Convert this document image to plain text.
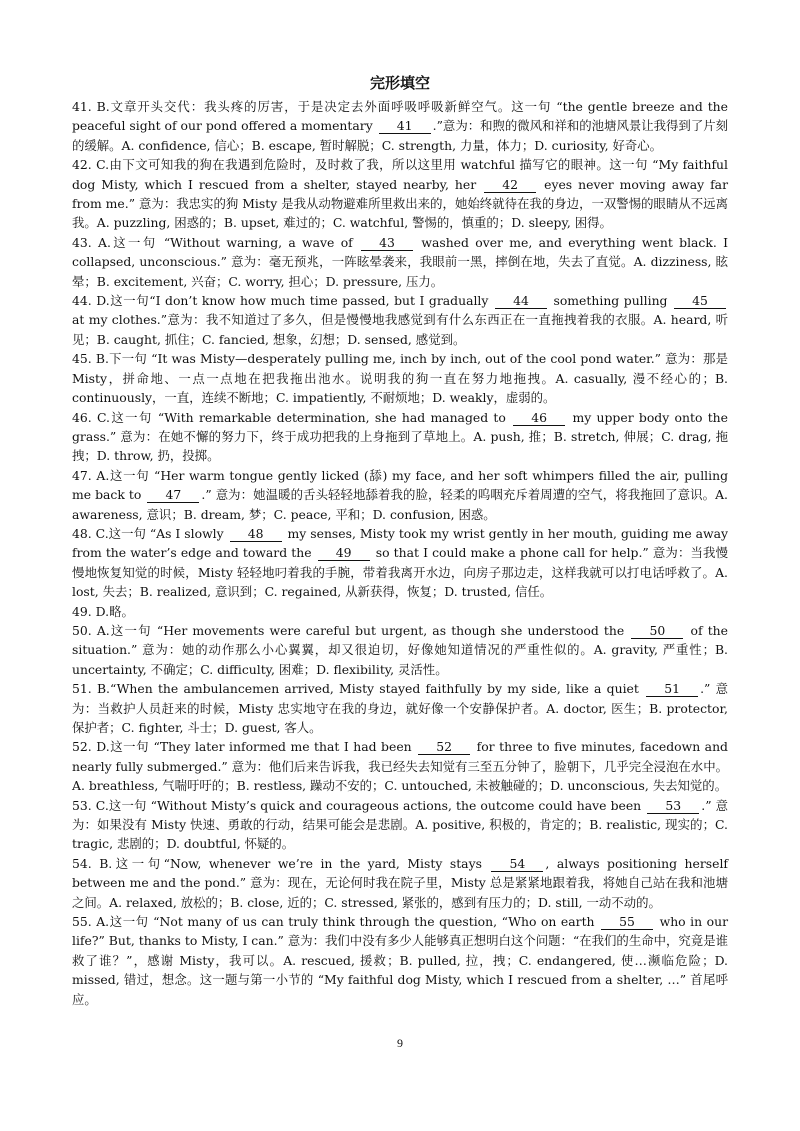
完形填空

41. B.文章开头交代：我头疼的厉害，于是决定去外面呼吸呼吸新鲜空气。这一句 “the gentle breeze and the peaceful sight of our pond offered a momentary 41 .”意为：和煦的微风和祥和的池塘风景让我得到了片刻的缓解。A. confidence, 信心；B. escape, 暂时解脱；C. strength, 力量，体力；D. curiosity, 好奇心。

42. C.由下文可知我的狗在我遇到危险时，及时救了我，所以这里用 watchful 描写它的眼神。这一句 “My faithful dog Misty, which I rescued from a shelter, stayed nearby, her 42 eyes never moving away far from me.” 意为：我忠实的狗 Misty 是我从动物避难所里救出来的，她始终就待在我的身边，一双警惕的眼睛从不远离我。A. puzzling, 困惑的；B. upset, 难过的；C. watchful, 警惕的，慎重的；D. sleepy, 困得。

43. A.这一句 “Without warning, a wave of 43 washed over me, and everything went black. I collapsed, unconscious.” 意为：毫无预兆，一阵眩晕袭来，我眼前一黑，摔倒在地，失去了直觉。A. dizziness, 眩晕；B. excitement, 兴奋；C. worry, 担心；D. pressure, 压力。

44. D.这一句“I don’t know how much time passed, but I gradually 44 something pulling 45 at my clothes.”意为：我不知道过了多久，但是慢慢地我感觉到有什么东西正在一直拖拽着我的衣服。A. heard, 听见；B. caught, 抓住；C. fancied, 想象，幻想；D. sensed, 感觉到。

45. B.下一句 “It was Misty—desperately pulling me, inch by inch, out of the cool pond water.” 意为：那是 Misty，拼命地、一点一点地在把我拖出池水。说明我的狗一直在努力地拖拽。A. casually, 漫不经心的；B. continuously，一直，连续不断地；C. impatiently, 不耐烦地；D. weakly，虚弱的。

46. C.这一句 “With remarkable determination, she had managed to 46 my upper body onto the grass.” 意为：在她不懈的努力下，终于成功把我的上身拖到了草地上。A. push, 推；B. stretch, 伸展；C. drag, 拖拽；D. throw, 扔，投掷。

47. A.这一句 “Her warm tongue gently licked (舔) my face, and her soft whimpers filled the air, pulling me back to 47 .” 意为：她温暖的舌头轻轻地舔着我的脸，轻柔的呜咽充斥着周遭的空气，将我拖回了意识。A. awareness, 意识；B. dream, 梦；C. peace, 平和；D. confusion, 困惑。

48. C.这一句 “As I slowly 48 my senses, Misty took my wrist gently in her mouth, guiding me away from the water’s edge and toward the 49 so that I could make a phone call for help.” 意为：当我慢慢地恢复知觉的时候，Misty 轻轻地叼着我的手腕，带着我离开水边，向房子那边走，这样我就可以打电话呼救了。A. lost, 失去；B. realized, 意识到；C. regained, 从新获得，恢复；D. trusted, 信任。

49. D.略。

50. A.这一句 “Her movements were careful but urgent, as though she understood the 50 of the situation.” 意为：她的动作那么小心翼翼，却又很迫切，好像她知道情况的严重性似的。A. gravity, 严重性；B. uncertainty, 不确定；C. difficulty, 困难；D. flexibility, 灵活性。

51. B.“When the ambulancemen arrived, Misty stayed faithfully by my side, like a quiet 51 .” 意为：当救护人员赶来的时候，Misty 忠实地守在我的身边，就好像一个安静保护者。A. doctor, 医生；B. protector, 保护者；C. fighter, 斗士；D. guest, 客人。

52. D.这一句 “They later informed me that I had been 52 for three to five minutes, facedown and nearly fully submerged.” 意为：他们后来告诉我，我已经失去知觉有三至五分钟了，脸朝下，几乎完全浸泡在水中。A. breathless, 气喘吁吁的；B. restless, 躁动不安的；C. untouched, 未被触碰的；D. unconscious, 失去知觉的。

53. C.这一句 “Without Misty’s quick and courageous actions, the outcome could have been 53 .” 意为：如果没有 Misty 快速、勇敢的行动，结果可能会是悲剧。A. positive, 积极的，肯定的；B. realistic, 现实的；C. tragic, 悲剧的；D. doubtful, 怀疑的。

54. B.这一句“Now, whenever we’re in the yard, Misty stays 54 , always positioning herself between me and the pond.” 意为：现在，无论何时我在院子里，Misty 总是紧紧地跟着我，将她自己站在我和池塘之间。A. relaxed, 放松的；B. close, 近的；C. stressed, 紧张的，感到有压力的；D. still, 一动不动的。

55. A.这一句 “Not many of us can truly think through the question, “Who on earth 55 who in our life?” But, thanks to Misty, I can.” 意为：我们中没有多少人能够真正想明白这个问题：“在我们的生命中，究竟是谁救了谁？”，感谢 Misty，我可以。A. rescued, 援救；B. pulled, 拉，拽；C. endangered, 使…濒临危险；D. missed, 错过，想念。这一题与第一小节的 “My faithful dog Misty, which I rescued from a shelter, …” 首尾呼应。

9
